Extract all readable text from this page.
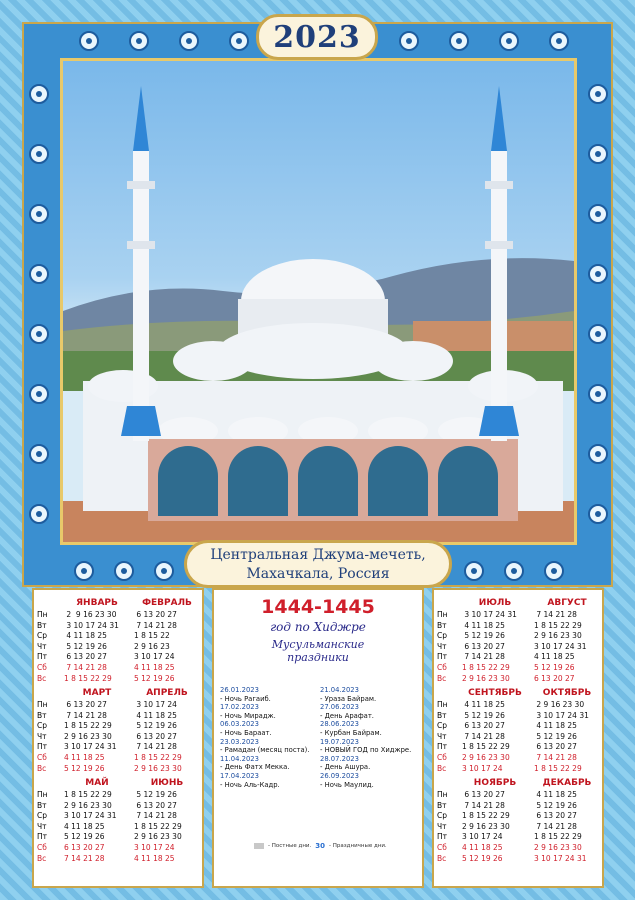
2023
Центральная Джума-мечеть,
Махачкала, Россия
Пн
Вт
Ср
Чт
Пт
Сб
Вс
ЯНВАРЬ
2  9 16 23 30
3 10 17 24 31
4 11 18 25
5 12 19 26
6 13 20 27
7 14 21 28
1 8 15 22 29
ФЕВРАЛЬ
6 13 20 27
7 14 21 28
1 8 15 22
2 9 16 23
3 10 17 24
4 11 18 25
5 12 19 26
Пн
Вт
Ср
Чт
Пт
Сб
Вс
МАРТ
6 13 20 27
7 14 21 28
1 8 15 22 29
2 9 16 23 30
3 10 17 24 31
4 11 18 25
5 12 19 26
АПРЕЛЬ
3 10 17 24
4 11 18 25
5 12 19 26
6 13 20 27
7 14 21 28
1 8 15 22 29
2 9 16 23 30
Пн
Вт
Ср
Чт
Пт
Сб
Вс
МАЙ
1 8 15 22 29
2 9 16 23 30
3 10 17 24 31
4 11 18 25
5 12 19 26
6 13 20 27
7 14 21 28
ИЮНЬ
5 12 19 26
6 13 20 27
7 14 21 28
1 8 15 22 29
2 9 16 23 30
3 10 17 24
4 11 18 25
1444-1445
год по Хиджре
Мусульманские
праздники
26.01.2023
- Ночь Рагаиб.
17.02.2023
- Ночь Мирадж.
06.03.2023
- Ночь Бараат.
23.03.2023
- Рамадан (месяц поста).
11.04.2023
- День Фатх Мекка.
17.04.2023
- Ночь Аль-Кадр.
21.04.2023
- Ураза Байрам.
27.06.2023
- День Арафат.
28.06.2023
- Курбан Байрам.
19.07.2023
- НОВЫЙ ГОД по Хиджре.
28.07.2023
- День Ашура.
26.09.2023
- Ночь Маулид.
- Постные дни. 30 - Праздничные дни.
Пн
Вт
Ср
Чт
Пт
Сб
Вс
ИЮЛЬ
3 10 17 24 31
4 11 18 25
5 12 19 26
6 13 20 27
7 14 21 28
1 8 15 22 29
2 9 16 23 30
АВГУСТ
7 14 21 28
1 8 15 22 29
2 9 16 23 30
3 10 17 24 31
4 11 18 25
5 12 19 26
6 13 20 27
Пн
Вт
Ср
Чт
Пт
Сб
Вс
СЕНТЯБРЬ
4 11 18 25
5 12 19 26
6 13 20 27
7 14 21 28
1 8 15 22 29
2 9 16 23 30
3 10 17 24
ОКТЯБРЬ
2 9 16 23 30
3 10 17 24 31
4 11 18 25
5 12 19 26
6 13 20 27
7 14 21 28
1 8 15 22 29
Пн
Вт
Ср
Чт
Пт
Сб
Вс
НОЯБРЬ
6 13 20 27
7 14 21 28
1 8 15 22 29
2 9 16 23 30
3 10 17 24
4 11 18 25
5 12 19 26
ДЕКАБРЬ
4 11 18 25
5 12 19 26
6 13 20 27
7 14 21 28
1 8 15 22 29
2 9 16 23 30
3 10 17 24 31
